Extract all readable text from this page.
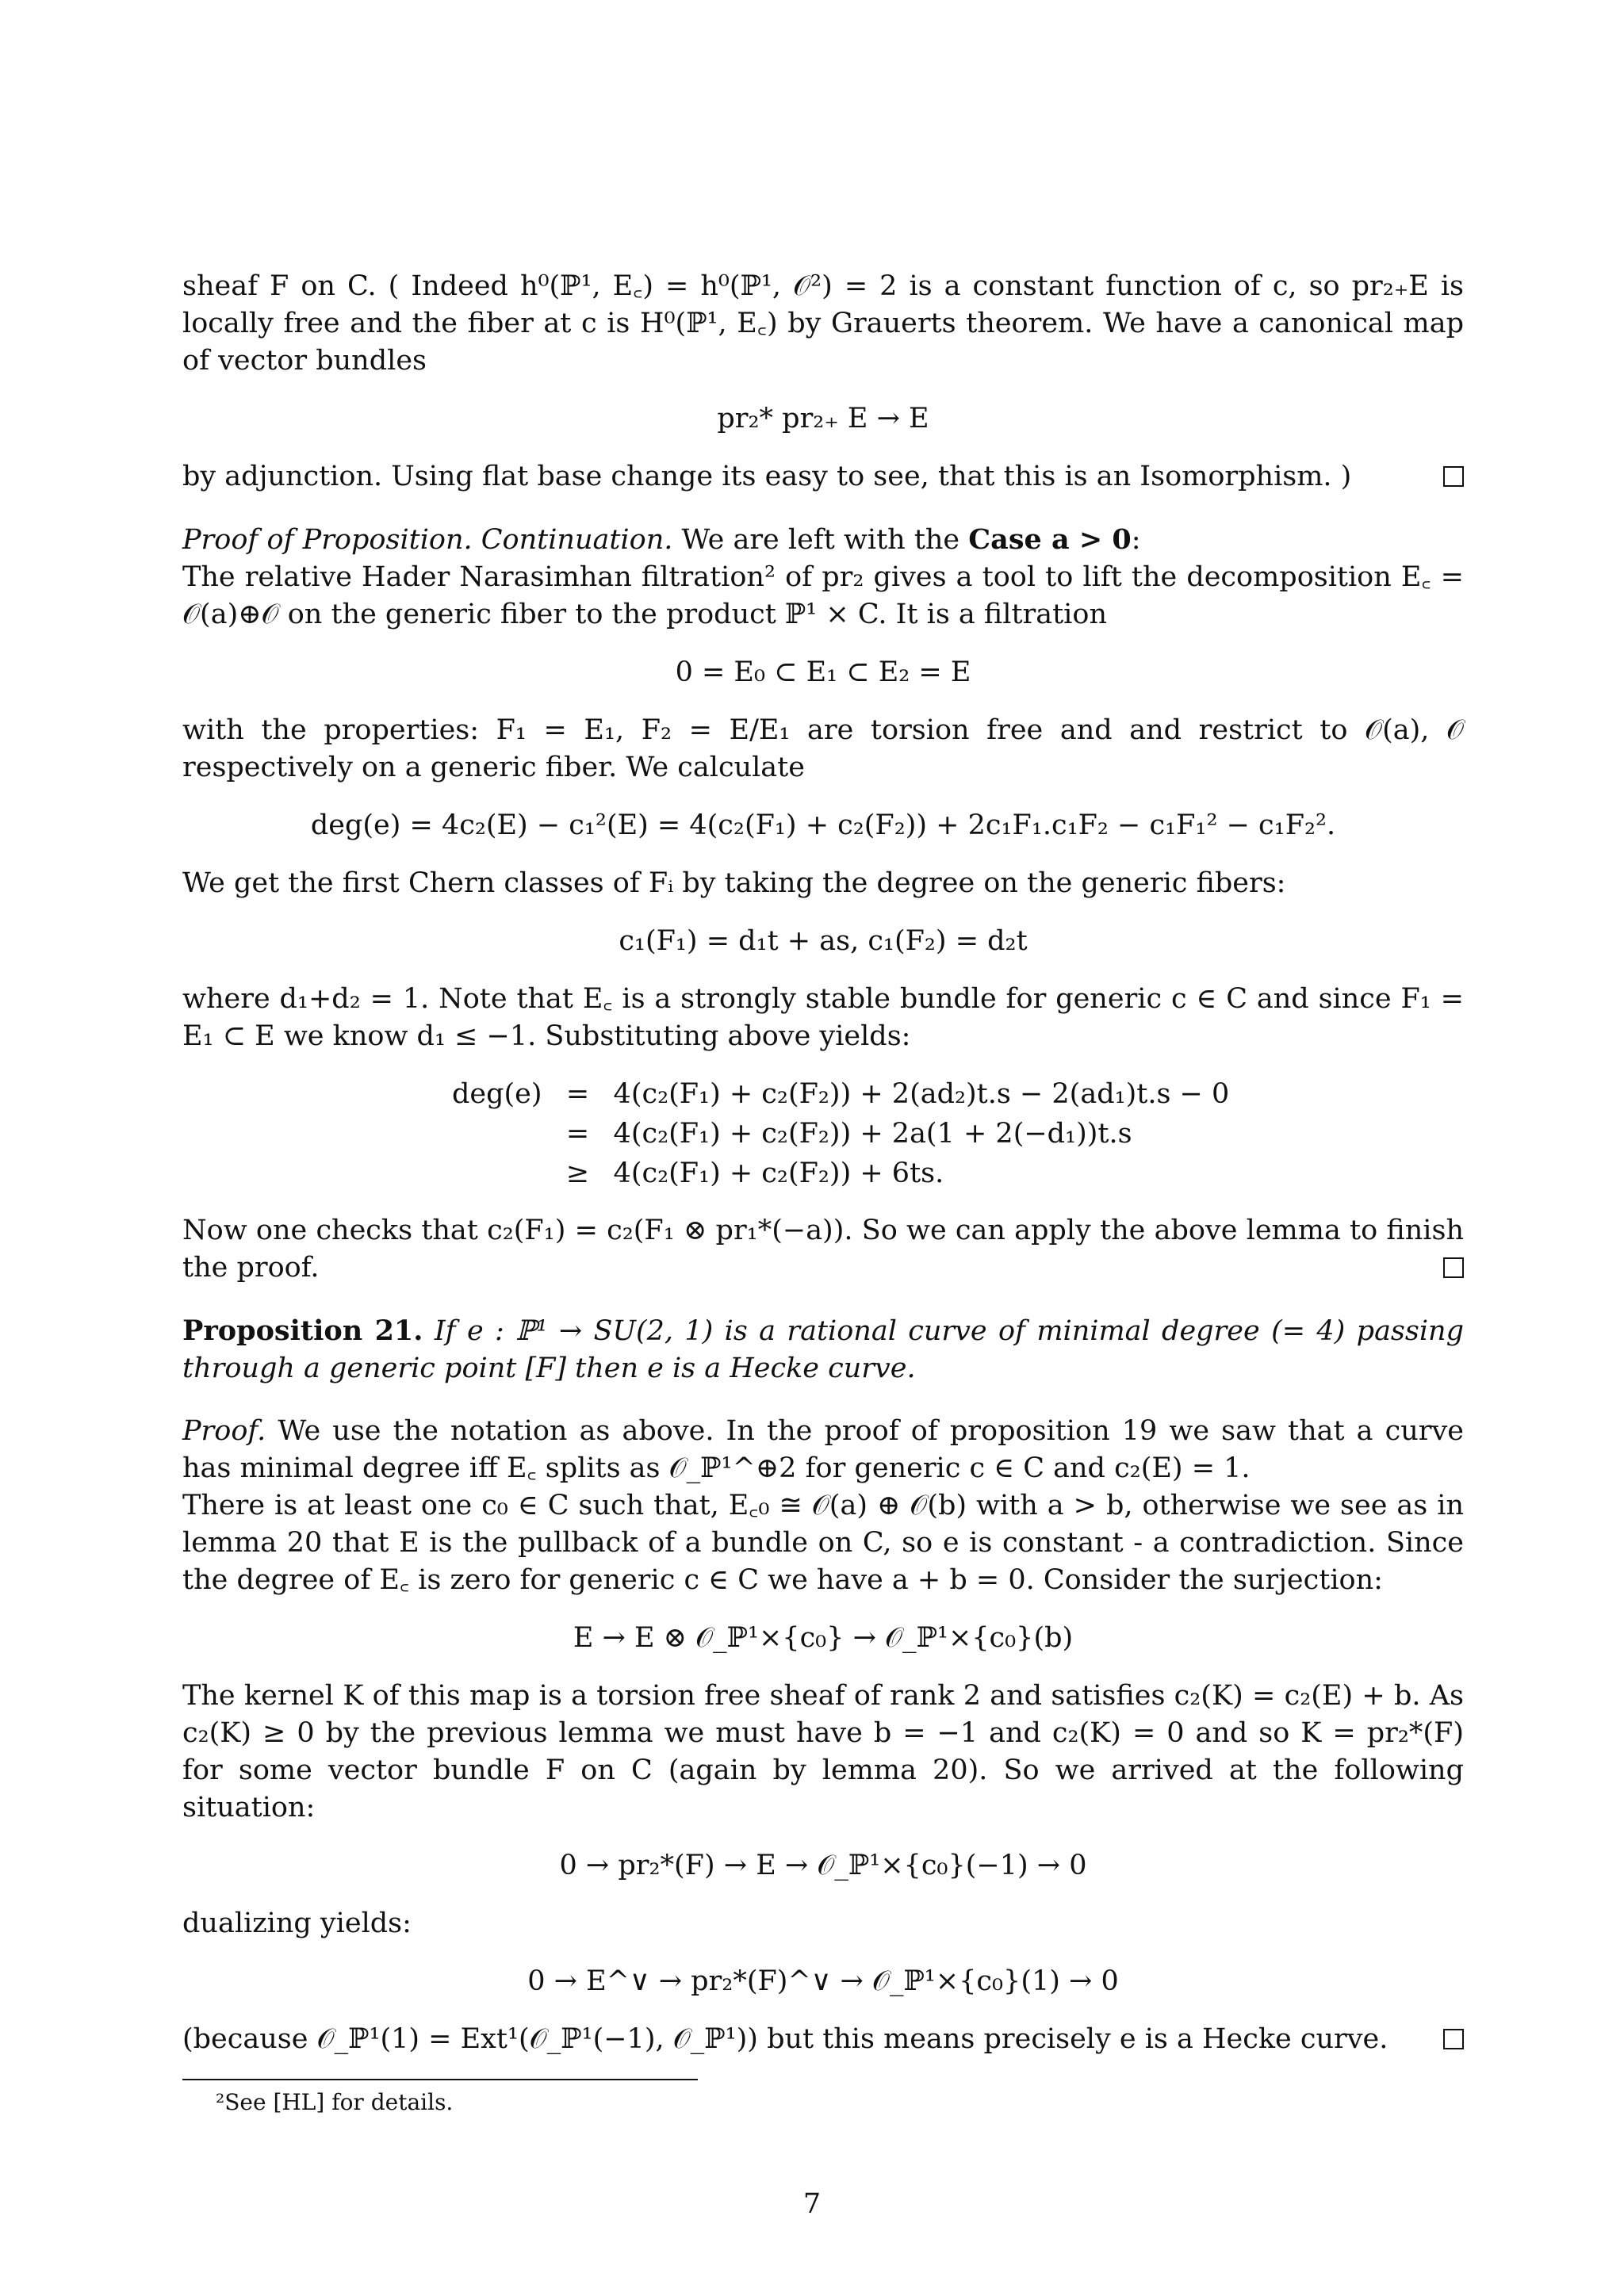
sheaf F on C. ( Indeed h⁰(ℙ¹, E꜀) = h⁰(ℙ¹, 𝒪²) = 2 is a constant function of c, so pr₂₊E is locally free and the fiber at c is H⁰(ℙ¹, E꜀) by Grauerts theorem. We have a canonical map of vector bundles

pr₂* pr₂₊ E → E

by adjunction. Using flat base change its easy to see, that this is an Isomorphism. )

Proof of Proposition. Continuation. We are left with the Case a > 0:

The relative Hader Narasimhan filtration² of pr₂ gives a tool to lift the decomposition E꜀ = 𝒪(a)⊕𝒪 on the generic fiber to the product ℙ¹ × C. It is a filtration

0 = E₀ ⊂ E₁ ⊂ E₂ = E

with the properties: F₁ = E₁, F₂ = E/E₁ are torsion free and and restrict to 𝒪(a), 𝒪 respectively on a generic fiber. We calculate

deg(e) = 4c₂(E) − c₁²(E) = 4(c₂(F₁) + c₂(F₂)) + 2c₁F₁.c₁F₂ − c₁F₁² − c₁F₂².

We get the first Chern classes of Fᵢ by taking the degree on the generic fibers:

c₁(F₁) = d₁t + as, c₁(F₂) = d₂t

where d₁+d₂ = 1. Note that E꜀ is a strongly stable bundle for generic c ∈ C and since F₁ = E₁ ⊂ E we know d₁ ≤ −1. Substituting above yields:

deg(e)	=	4(c₂(F₁) + c₂(F₂)) + 2(ad₂)t.s − 2(ad₁)t.s − 0
	=	4(c₂(F₁) + c₂(F₂)) + 2a(1 + 2(−d₁))t.s
	≥	4(c₂(F₁) + c₂(F₂)) + 6ts.

Now one checks that c₂(F₁) = c₂(F₁ ⊗ pr₁*(−a)). So we can apply the above lemma to finish the proof.

Proposition 21. If e : ℙ¹ → SU(2, 1) is a rational curve of minimal degree (= 4) passing through a generic point [F] then e is a Hecke curve.

Proof. We use the notation as above. In the proof of proposition 19 we saw that a curve has minimal degree iff E꜀ splits as 𝒪_ℙ¹^⊕2 for generic c ∈ C and c₂(E) = 1.

There is at least one c₀ ∈ C such that, E꜀₀ ≅ 𝒪(a) ⊕ 𝒪(b) with a > b, otherwise we see as in lemma 20 that E is the pullback of a bundle on C, so e is constant - a contradiction. Since the degree of E꜀ is zero for generic c ∈ C we have a + b = 0. Consider the surjection:

E → E ⊗ 𝒪_ℙ¹×{c₀} → 𝒪_ℙ¹×{c₀}(b)

The kernel K of this map is a torsion free sheaf of rank 2 and satisfies c₂(K) = c₂(E) + b. As c₂(K) ≥ 0 by the previous lemma we must have b = −1 and c₂(K) = 0 and so K = pr₂*(F) for some vector bundle F on C (again by lemma 20). So we arrived at the following situation:

0 → pr₂*(F) → E → 𝒪_ℙ¹×{c₀}(−1) → 0

dualizing yields:

0 → E^∨ → pr₂*(F)^∨ → 𝒪_ℙ¹×{c₀}(1) → 0

(because 𝒪_ℙ¹(1) = Ext¹(𝒪_ℙ¹(−1), 𝒪_ℙ¹)) but this means precisely e is a Hecke curve.

²See [HL] for details.

7
